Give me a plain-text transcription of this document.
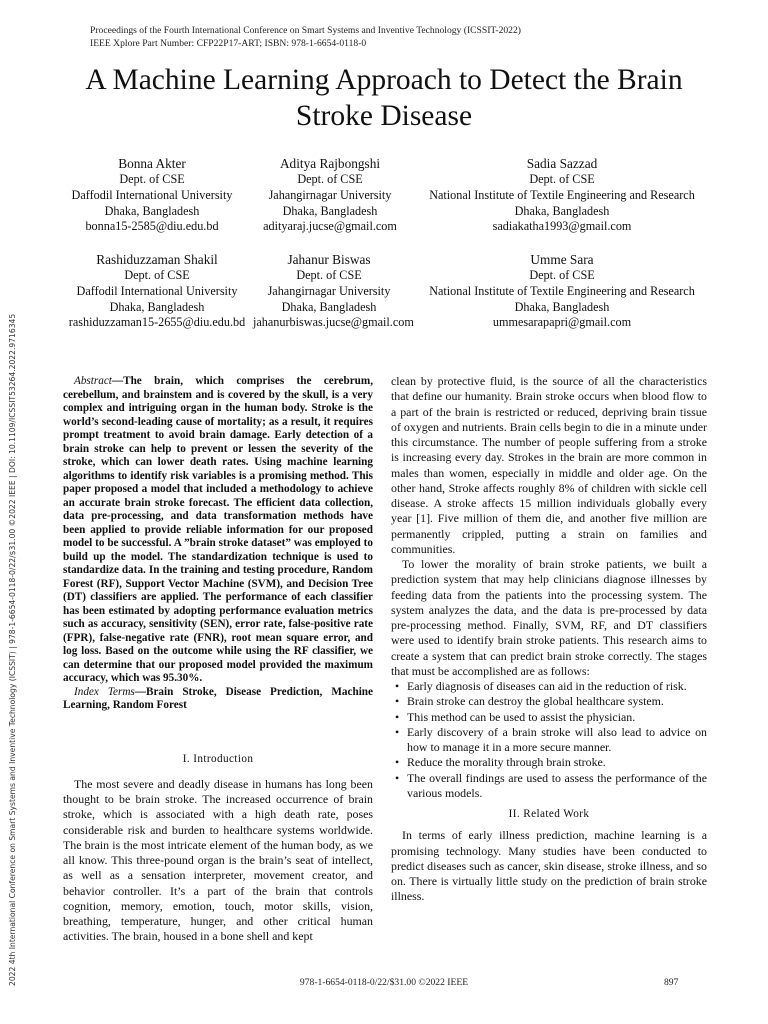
Proceedings of the Fourth International Conference on Smart Systems and Inventive Technology (ICSSIT-2022)
IEEE Xplore Part Number: CFP22P17-ART; ISBN: 978-1-6654-0118-0
A Machine Learning Approach to Detect the Brain
Stroke Disease
Bonna Akter
Dept. of CSE
Daffodil International University
Dhaka, Bangladesh
bonna15-2585@diu.edu.bd
Aditya Rajbongshi
Dept. of CSE
Jahangirnagar University
Dhaka, Bangladesh
adityaraj.jucse@gmail.com
Sadia Sazzad
Dept. of CSE
National Institute of Textile Engineering and Research
Dhaka, Bangladesh
sadiakatha1993@gmail.com
Rashiduzzaman Shakil
Dept. of CSE
Daffodil International University
Dhaka, Bangladesh
rashiduzzaman15-2655@diu.edu.bd
Jahanur Biswas
Dept. of CSE
Jahangirnagar University
Dhaka, Bangladesh
jahanurbiswas.jucse@gmail.com
Umme Sara
Dept. of CSE
National Institute of Textile Engineering and Research
Dhaka, Bangladesh
ummesarapapri@gmail.com
2022 4th International Conference on Smart Systems and Inventive Technology (ICSSIT) | 978-1-6654-0118-0/22/$31.00 ©2022 IEEE | DOI: 10.1109/ICSSIT53264.2022.9716345	Abstract—The brain, which comprises the cerebrum, cerebellum, and brainstem and is covered by the skull, is a very complex and intriguing organ in the human body. Stroke is the world’s second-leading cause of mortality; as a result, it requires prompt treatment to avoid brain damage. Early detection of a brain stroke can help to prevent or lessen the severity of the stroke, which can lower death rates. Using machine learning algorithms to identify risk variables is a promising method. This paper proposed a model that included a methodology to achieve an accurate brain stroke forecast. The efficient data collection, data pre-processing, and data transformation methods have been applied to provide reliable information for our proposed model to be successful. A ”brain stroke dataset” was employed to build up the model. The standardization technique is used to standardize data. In the training and testing procedure, Random Forest (RF), Support Vector Machine (SVM), and Decision Tree (DT) classifiers are applied. The performance of each classifier has been estimated by adopting performance evaluation metrics such as accuracy, sensitivity (SEN), error rate, false-positive rate (FPR), false-negative rate (FNR), root mean square error, and log loss. Based on the outcome while using the RF classifier, we can determine that our proposed model provided the maximum accuracy, which was 95.30%.
Index Terms—Brain Stroke, Disease Prediction, Machine Learning, Random Forest

I. Introduction

The most severe and deadly disease in humans has long been thought to be brain stroke. The increased occurrence of brain stroke, which is associated with a high death rate, poses considerable risk and burden to healthcare systems worldwide. The brain is the most intricate element of the human body, as we all know. This three-pound organ is the brain’s seat of intellect, as well as a sensation interpreter, movement creator, and behavior controller. It’s a part of the brain that controls cognition, memory, emotion, touch, motor skills, vision, breathing, temperature, hunger, and other critical human activities. The brain, housed in a bone shell and kept

clean by protective fluid, is the source of all the characteristics that define our humanity. Brain stroke occurs when blood flow to a part of the brain is restricted or reduced, depriving brain tissue of oxygen and nutrients. Brain cells begin to die in a minute under this circumstance. The number of people suffering from a stroke is increasing every day. Strokes in the brain are more common in males than women, especially in middle and older age. On the other hand, Stroke affects roughly 8% of children with sickle cell disease. A stroke affects 15 million individuals globally every year [1]. Five million of them die, and another five million are permanently crippled, putting a strain on families and communities.

To lower the morality of brain stroke patients, we built a prediction system that may help clinicians diagnose illnesses by feeding data from the patients into the processing system. The system analyzes the data, and the data is pre-processed by data pre-processing method. Finally, SVM, RF, and DT classifiers were used to identify brain stroke patients. This research aims to create a system that can predict brain stroke correctly. The stages that must be accomplished are as follows:

• Early diagnosis of diseases can aid in the reduction of risk.
• Brain stroke can destroy the global healthcare system.
• This method can be used to assist the physician.
• Early discovery of a brain stroke will also lead to advice on how to manage it in a more secure manner.
• Reduce the morality through brain stroke.
• The overall findings are used to assess the performance of the various models.

II. Related Work

In terms of early illness prediction, machine learning is a promising technology. Many studies have been conducted to predict diseases such as cancer, skin disease, stroke illness, and so on. There is virtually little study on the prediction of brain stroke illness.

978-1-6654-0118-0/22/$31.00 ©2022 IEEE	897
